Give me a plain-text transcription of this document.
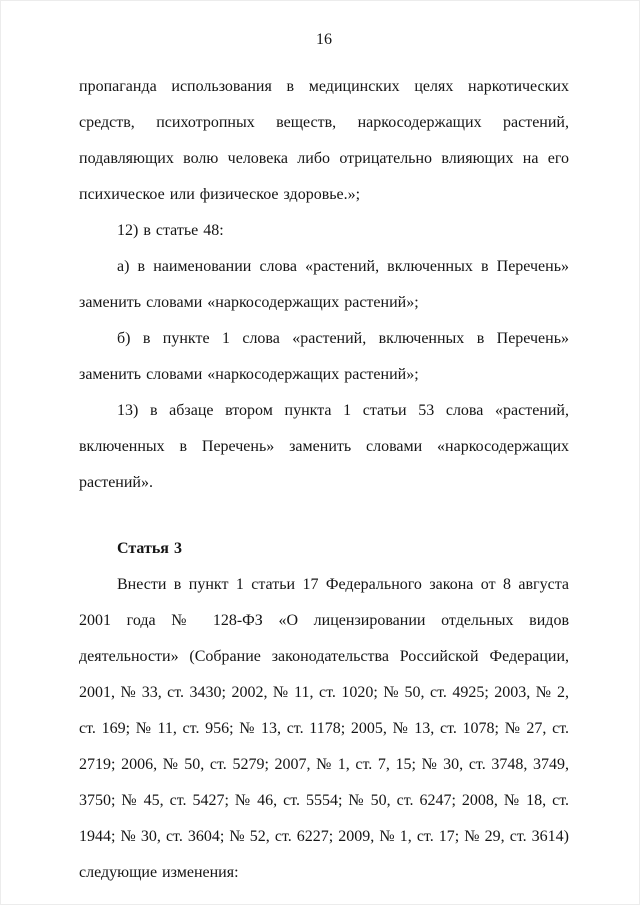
16

пропаганда использования в медицинских целях наркотических средств, психотропных веществ, наркосодержащих растений, подавляющих волю человека либо отрицательно влияющих на его психическое или физическое здоровье.»;

12) в статье 48:

а) в наименовании слова «растений, включенных в Перечень» заменить словами «наркосодержащих растений»;

б) в пункте 1 слова «растений, включенных в Перечень» заменить словами «наркосодержащих растений»;

13) в абзаце втором пункта 1 статьи 53 слова «растений, включенных в Перечень» заменить словами «наркосодержащих растений».

Статья 3

Внести в пункт 1 статьи 17 Федерального закона от 8 августа 2001 года № 128-ФЗ «О лицензировании отдельных видов деятельности» (Собрание законодательства Российской Федерации, 2001, № 33, ст. 3430; 2002, № 11, ст. 1020; № 50, ст. 4925; 2003, № 2, ст. 169; № 11, ст. 956; № 13, ст. 1178; 2005, № 13, ст. 1078; № 27, ст. 2719; 2006, № 50, ст. 5279; 2007, № 1, ст. 7, 15; № 30, ст. 3748, 3749, 3750; № 45, ст. 5427; № 46, ст. 5554; № 50, ст. 6247; 2008, № 18, ст. 1944; № 30, ст. 3604; № 52, ст. 6227; 2009, № 1, ст. 17; № 29, ст. 3614) следующие изменения:
